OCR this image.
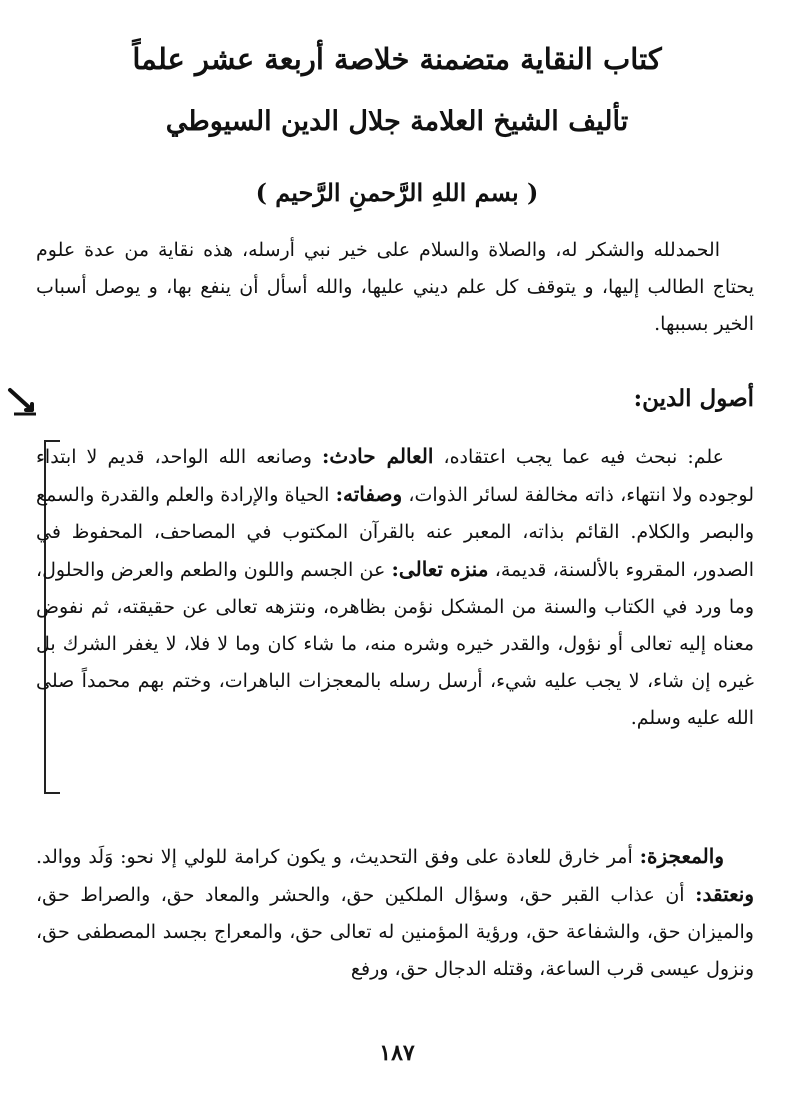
كتاب النقاية متضمنة خلاصة أربعة عشر علماً
تأليف الشيخ العلامة جلال الدين السيوطي
( بسم اللهِ الرَّحمنِ الرَّحيم )
الحمدلله والشكر له، والصلاة والسلام على خير نبي أرسله، هذه نقاية من عدة علوم يحتاج الطالب إليها، و يتوقف كل علم ديني عليها، والله أسأل أن ينفع بها، و يوصل أسباب الخير بسببها.
أصول الدين:
علم: نبحث فيه عما يجب اعتقاده، العالم حادث: وصانعه الله الواحد، قديم لا ابتداء لوجوده ولا انتهاء، ذاته مخالفة لسائر الذوات، وصفاته: الحياة والإرادة والعلم والقدرة والسمع والبصر والكلام. القائم بذاته، المعبر عنه بالقرآن المكتوب في المصاحف، المحفوظ في الصدور، المقروء بالألسنة، قديمة، منزه تعالى: عن الجسم واللون والطعم والعرض والحلول، وما ورد في الكتاب والسنة من المشكل نؤمن بظاهره، ونتزهه تعالى عن حقيقته، ثم نفوض معناه إليه تعالى أو نؤول، والقدر خيره وشره منه، ما شاء كان وما لا فلا، لا يغفر الشرك بل غيره إن شاء، لا يجب عليه شيء، أرسل رسله بالمعجزات الباهرات، وختم بهم محمداً صلى الله عليه وسلم.
والمعجزة: أمر خارق للعادة على وفق التحديث، و يكون كرامة للولي إلا نحو: وَلَد ووالد. ونعتقد: أن عذاب القبر حق، وسؤال الملكين حق، والحشر والمعاد حق، والصراط حق، والميزان حق، والشفاعة حق، ورؤية المؤمنين له تعالى حق، والمعراج بجسد المصطفى حق، ونزول عيسى قرب الساعة، وقتله الدجال حق، ورفع
١٨٧
